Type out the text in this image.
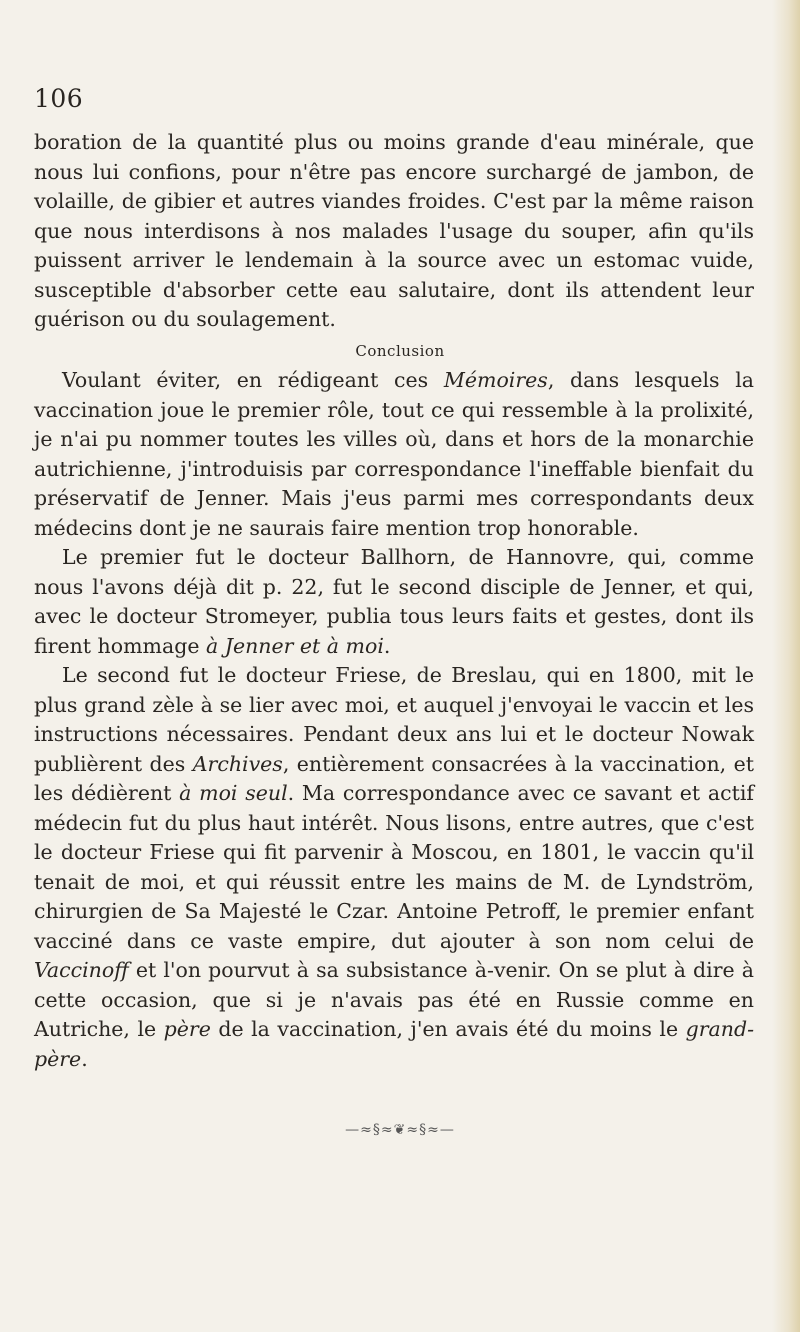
106

boration de la quantité plus ou moins grande d'eau minérale, que nous lui confions, pour n'être pas encore surchargé de jambon, de volaille, de gibier et autres viandes froides. C'est par la même raison que nous interdisons à nos malades l'usage du souper, afin qu'ils puissent arriver le lendemain à la source avec un estomac vuide, susceptible d'absorber cette eau salutaire, dont ils attendent leur guérison ou du soulagement.

Conclusion

Voulant éviter, en rédigeant ces Mémoires, dans lesquels la vaccination joue le premier rôle, tout ce qui ressemble à la prolixité, je n'ai pu nommer toutes les villes où, dans et hors de la monarchie autrichienne, j'introduisis par correspondance l'ineffable bienfait du préservatif de Jenner. Mais j'eus parmi mes correspondants deux médecins dont je ne saurais faire mention trop honorable.

Le premier fut le docteur Ballhorn, de Hannovre, qui, comme nous l'avons déjà dit p. 22, fut le second disciple de Jenner, et qui, avec le docteur Stromeyer, publia tous leurs faits et gestes, dont ils firent hommage à Jenner et à moi.

Le second fut le docteur Friese, de Breslau, qui en 1800, mit le plus grand zèle à se lier avec moi, et auquel j'envoyai le vaccin et les instructions nécessaires. Pendant deux ans lui et le docteur Nowak publièrent des Archives, entièrement consacrées à la vaccination, et les dédièrent à moi seul. Ma correspondance avec ce savant et actif médecin fut du plus haut intérêt. Nous lisons, entre autres, que c'est le docteur Friese qui fit parvenir à Moscou, en 1801, le vaccin qu'il tenait de moi, et qui réussit entre les mains de M. de Lyndström, chirurgien de Sa Majesté le Czar. Antoine Petroff, le premier enfant vacciné dans ce vaste empire, dut ajouter à son nom celui de Vaccinoff et l'on pourvut à sa subsistance à-venir. On se plut à dire à cette occasion, que si je n'avais pas été en Russie comme en Autriche, le père de la vaccination, j'en avais été du moins le grand-père.

—≈§≈❦≈§≈—
